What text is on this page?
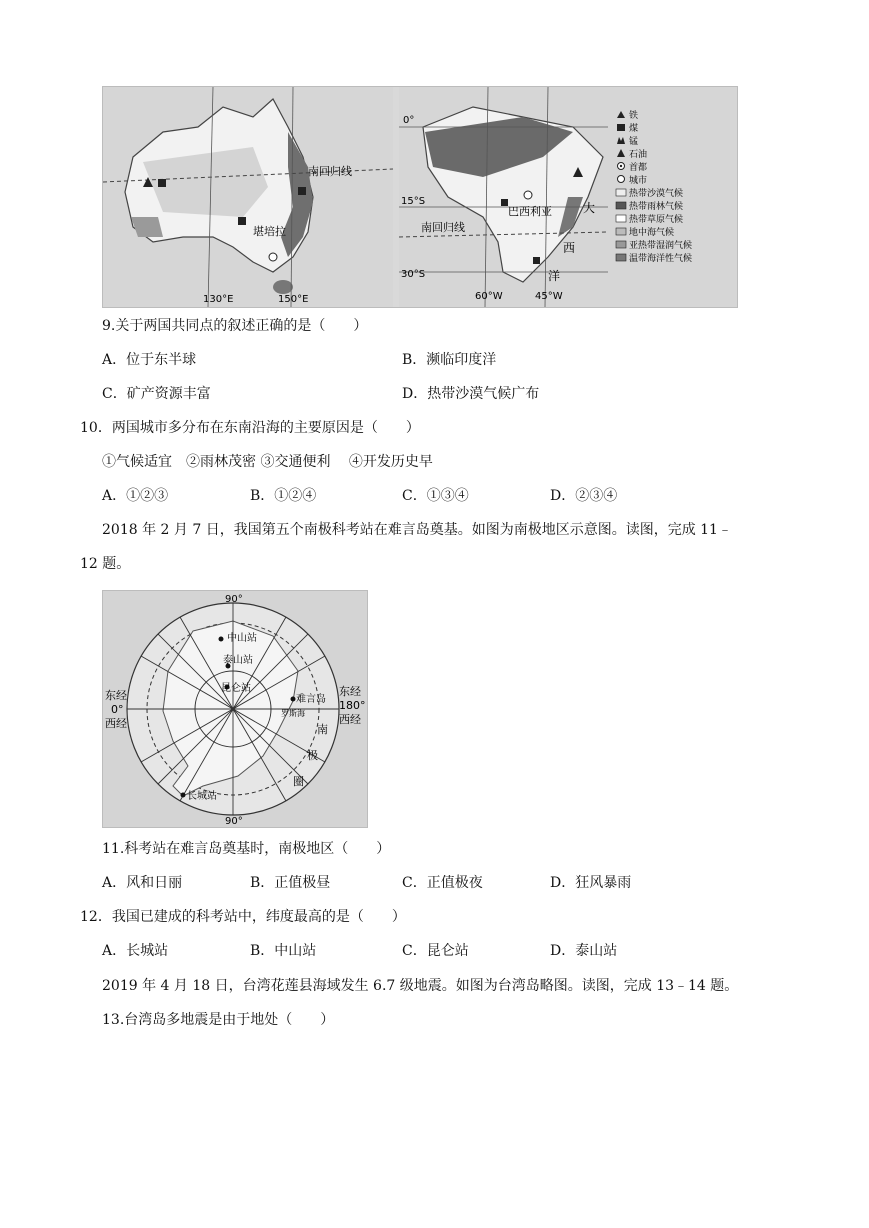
南回归线
堪培拉
130°E	150°E
0°
15°S
30°S
南回归线
巴西利亚	大
西
洋
60°W	45°W
铁
煤
锰
石油
首都
城市
热带沙漠气候
热带雨林气候
热带草原气候
地中海气候
亚热带湿润气候
温带海洋性气候
9.关于两国共同点的叙述正确的是（　　）
A．位于东半球	B．濒临印度洋
C．矿产资源丰富	D．热带沙漠气候广布
10．两国城市多分布在东南沿海的主要原因是（　　）
①气候适宜　②雨林茂密 ③交通便利　 ④开发历史早
A．①②③	B．①②④	C．①③④	D．②③④
2018 年 2 月 7 日，我国第五个南极科考站在难言岛奠基。如图为南极地区示意图。读图，完成 11﹣
12 题。
90°
90°
东经
0°
西经
东经
180°
西经
中山站
泰山站
昆仑站
难言岛
罗斯海
长城站
南
极
圈
11.科考站在难言岛奠基时，南极地区（　　）
A．风和日丽	B．正值极昼	C．正值极夜	D．狂风暴雨
12．我国已建成的科考站中，纬度最高的是（　　）
A．长城站	B．中山站	C．昆仑站	D．泰山站
2019 年 4 月 18 日，台湾花莲县海域发生 6.7 级地震。如图为台湾岛略图。读图，完成 13﹣14 题。
13.台湾岛多地震是由于地处（　　）
